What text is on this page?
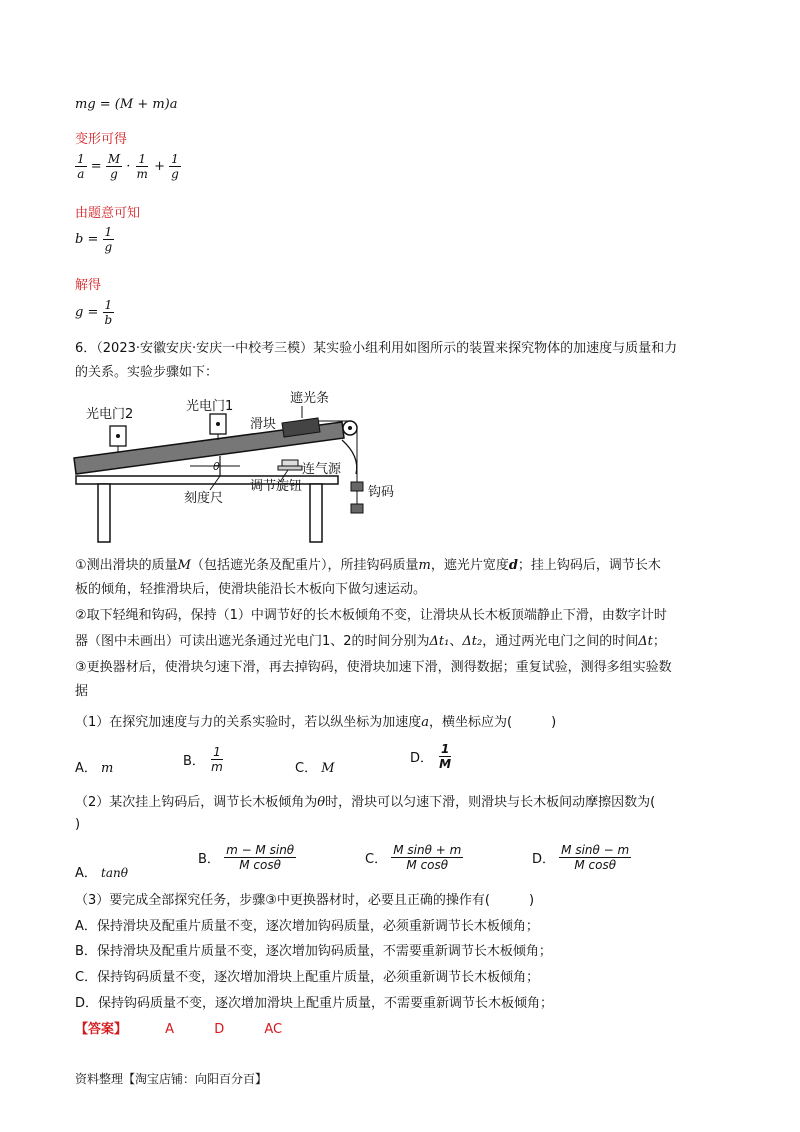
mg = (M + m)a
变形可得
$\frac{1}{a} = \frac{M}{g} \cdot \frac{1}{m} + \frac{1}{g}$
由题意可知
$b = \frac{1}{g}$
解得
$g = \frac{1}{b}$
6．（2023·安徽安庆·安庆一中校考三模）某实验小组利用如图所示的装置来探究物体的加速度与质量和力
的关系。实验步骤如下：
θ
光电门2
光电门1
滑块
遮光条
钩码
连气源
刻度尺
调节旋钮
①测出滑块的质量M（包括遮光条及配重片），所挂钩码质量m，遮光片宽度d；挂上钩码后，调节长木
板的倾角，轻推滑块后，使滑块能沿长木板向下做匀速运动。
②取下轻绳和钩码，保持（1）中调节好的长木板倾角不变，让滑块从长木板顶端静止下滑，由数字计时
器（图中未画出）可读出遮光条通过光电门1、2的时间分别为Δt₁、Δt₂，通过两光电门之间的时间Δt；
③更换器材后，使滑块匀速下滑，再去掉钩码，使滑块加速下滑，测得数据；重复试验，测得多组实验数
据
（1）在探究加速度与力的关系实验时，若以纵坐标为加速度a，横坐标应为(　　　)
A． m	B． $\frac{1}{m}$	C． M
D． $\frac{1}{M}$
（2）某次挂上钩码后，调节长木板倾角为θ时，滑块可以匀速下滑，则滑块与长木板间动摩擦因数为(
)
A． tanθ
B． $\frac{\text{m − M sinθ}}{\text{M cosθ}}$	C． $\frac{\text{M sinθ + m}}{\text{M cosθ}}$	D． $\frac{\text{M sinθ − m}}{\text{M cosθ}}$
（3）要完成全部探究任务，步骤③中更换器材时，必要且正确的操作有(　　　)
A．保持滑块及配重片质量不变，逐次增加钩码质量，必须重新调节长木板倾角；
B．保持滑块及配重片质量不变，逐次增加钩码质量，不需要重新调节长木板倾角；
C．保持钩码质量不变，逐次增加滑块上配重片质量，必须重新调节长木板倾角；
D．保持钩码质量不变，逐次增加滑块上配重片质量，不需要重新调节长木板倾角；
【答案】	A	D	AC
资料整理【淘宝店铺：向阳百分百】
